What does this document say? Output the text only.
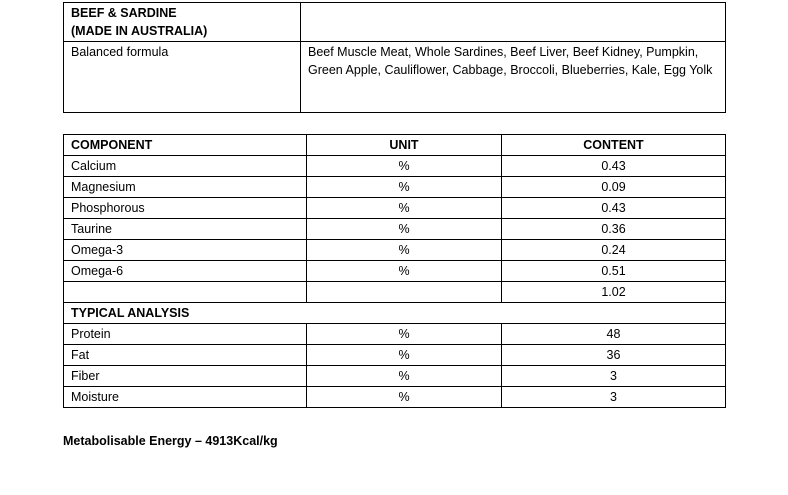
BEEF & SARDINE
(MADE IN AUSTRALIA)	

Balanced formula	Beef Muscle Meat, Whole Sardines, Beef Liver, Beef Kidney, Pumpkin, Green Apple, Cauliflower, Cabbage, Broccoli, Blueberries, Kale, Egg Yolk
COMPONENT	UNIT	CONTENT
Calcium	%	0.43
Magnesium	%	0.09
Phosphorous	%	0.43
Taurine	%	0.36
Omega-3	%	0.24
Omega-6	%	0.51
		1.02
TYPICAL ANALYSIS		
Protein	%	48
Fat	%	36
Fiber	%	3
Moisture	%	3
Metabolisable Energy – 4913Kcal/kg
